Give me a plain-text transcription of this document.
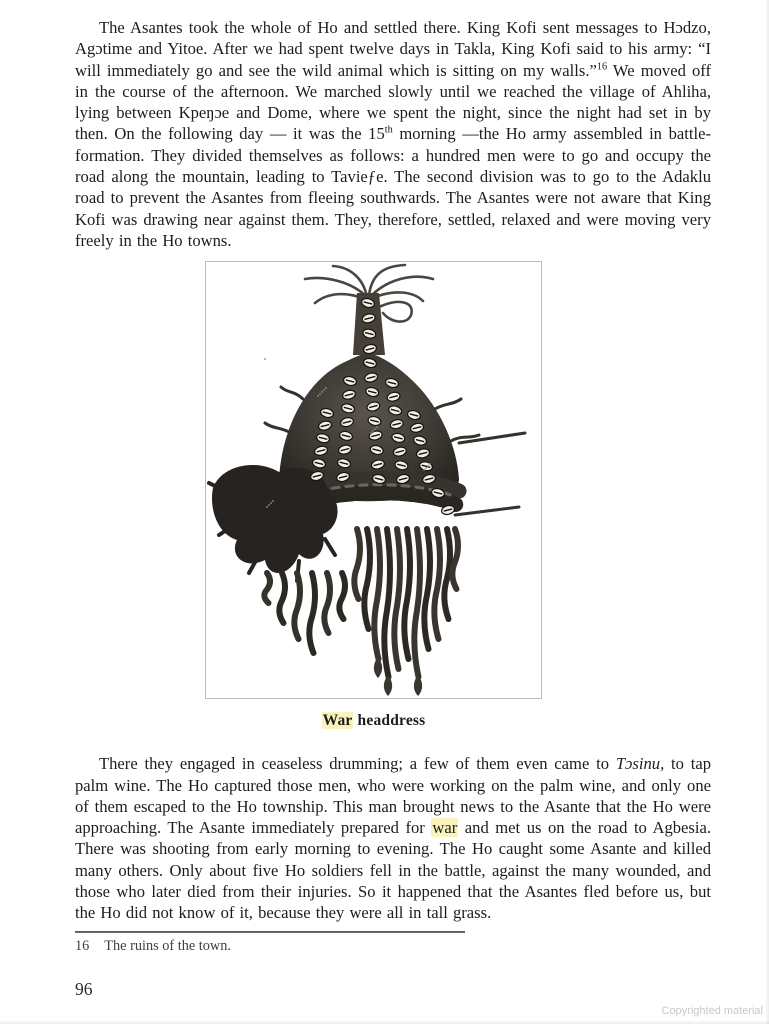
The Asantes took the whole of Ho and settled there. King Kofi sent messages to Hɔdzo, Agɔtime and Yitoe. After we had spent twelve days in Takla, King Kofi said to his army: “I will immediately go and see the wild animal which is sitting on my walls.”$^{16}$ We moved off in the course of the afternoon. We marched slowly until we reached the village of Ahliha, lying between Kpeŋɔe and Dome, where we spent the night, since the night had set in by then. On the following day — it was the 15th morning —the Ho army assembled in battle-formation. They divided themselves as follows: a hundred men were to go and occupy the road along the mountain, leading to Tavieƒe. The second division was to go to the Adaklu road to prevent the Asantes from fleeing southwards. The Asantes were not aware that King Kofi was drawing near against them. They, therefore, settled, relaxed and were moving very freely in the Ho towns.

War headdress

There they engaged in ceaseless drumming; a few of them even came to Tɔsinu, to tap palm wine. The Ho captured those men, who were working on the palm wine, and only one of them escaped to the Ho township. This man brought news to the Asante that the Ho were approaching. The Asante immediately prepared for war and met us on the road to Agbesia. There was shooting from early morning to evening. The Ho caught some Asante and killed many others. Only about five Ho soldiers fell in the battle, against the many wounded, and those who later died from their injuries. So it happened that the Asantes fled before us, but the Ho did not know of it, because they were all in tall grass.

16 The ruins of the town.
96
Copyrighted material
